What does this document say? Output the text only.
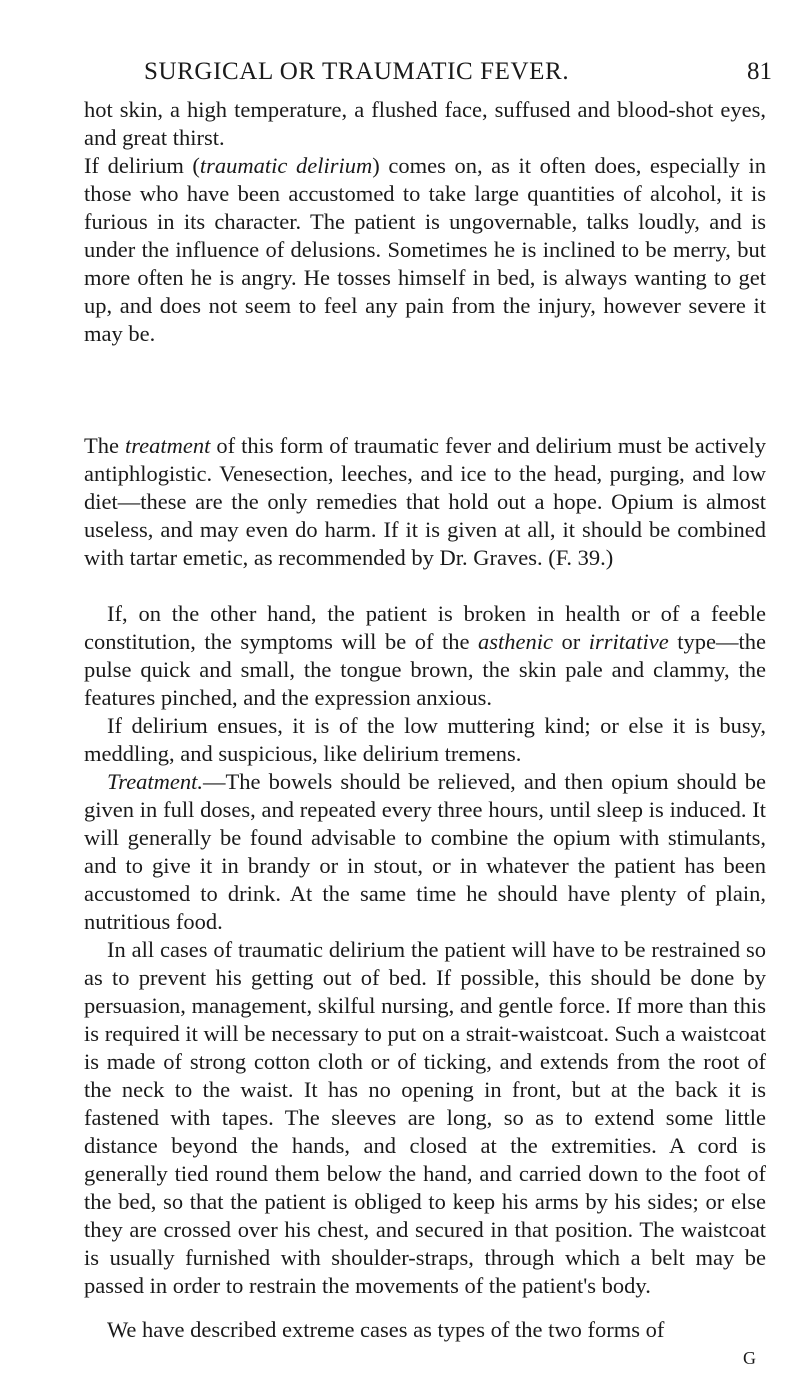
SURGICAL OR TRAUMATIC FEVER.	81

hot skin, a high temperature, a flushed face, suffused and blood-shot eyes, and great thirst.

If delirium (traumatic delirium) comes on, as it often does, especially in those who have been accustomed to take large quantities of alcohol, it is furious in its character. The patient is ungovernable, talks loudly, and is under the influence of delusions. Sometimes he is inclined to be merry, but more often he is angry. He tosses himself in bed, is always wanting to get up, and does not seem to feel any pain from the injury, however severe it may be.

The treatment of this form of traumatic fever and delirium must be actively antiphlogistic. Venesection, leeches, and ice to the head, purging, and low diet—these are the only remedies that hold out a hope. Opium is almost useless, and may even do harm. If it is given at all, it should be combined with tartar emetic, as recommended by Dr. Graves. (F. 39.)

If, on the other hand, the patient is broken in health or of a feeble constitution, the symptoms will be of the asthenic or irritative type—the pulse quick and small, the tongue brown, the skin pale and clammy, the features pinched, and the expression anxious.

If delirium ensues, it is of the low muttering kind; or else it is busy, meddling, and suspicious, like delirium tremens.

Treatment.—The bowels should be relieved, and then opium should be given in full doses, and repeated every three hours, until sleep is induced. It will generally be found advisable to combine the opium with stimulants, and to give it in brandy or in stout, or in whatever the patient has been accustomed to drink. At the same time he should have plenty of plain, nutritious food.

In all cases of traumatic delirium the patient will have to be restrained so as to prevent his getting out of bed. If possible, this should be done by persuasion, management, skilful nursing, and gentle force. If more than this is required it will be necessary to put on a strait-waistcoat. Such a waistcoat is made of strong cotton cloth or of ticking, and extends from the root of the neck to the waist. It has no opening in front, but at the back it is fastened with tapes. The sleeves are long, so as to extend some little distance beyond the hands, and closed at the extremities. A cord is generally tied round them below the hand, and carried down to the foot of the bed, so that the patient is obliged to keep his arms by his sides; or else they are crossed over his chest, and secured in that position. The waistcoat is usually furnished with shoulder-straps, through which a belt may be passed in order to restrain the movements of the patient's body.

We have described extreme cases as types of the two forms of

G
